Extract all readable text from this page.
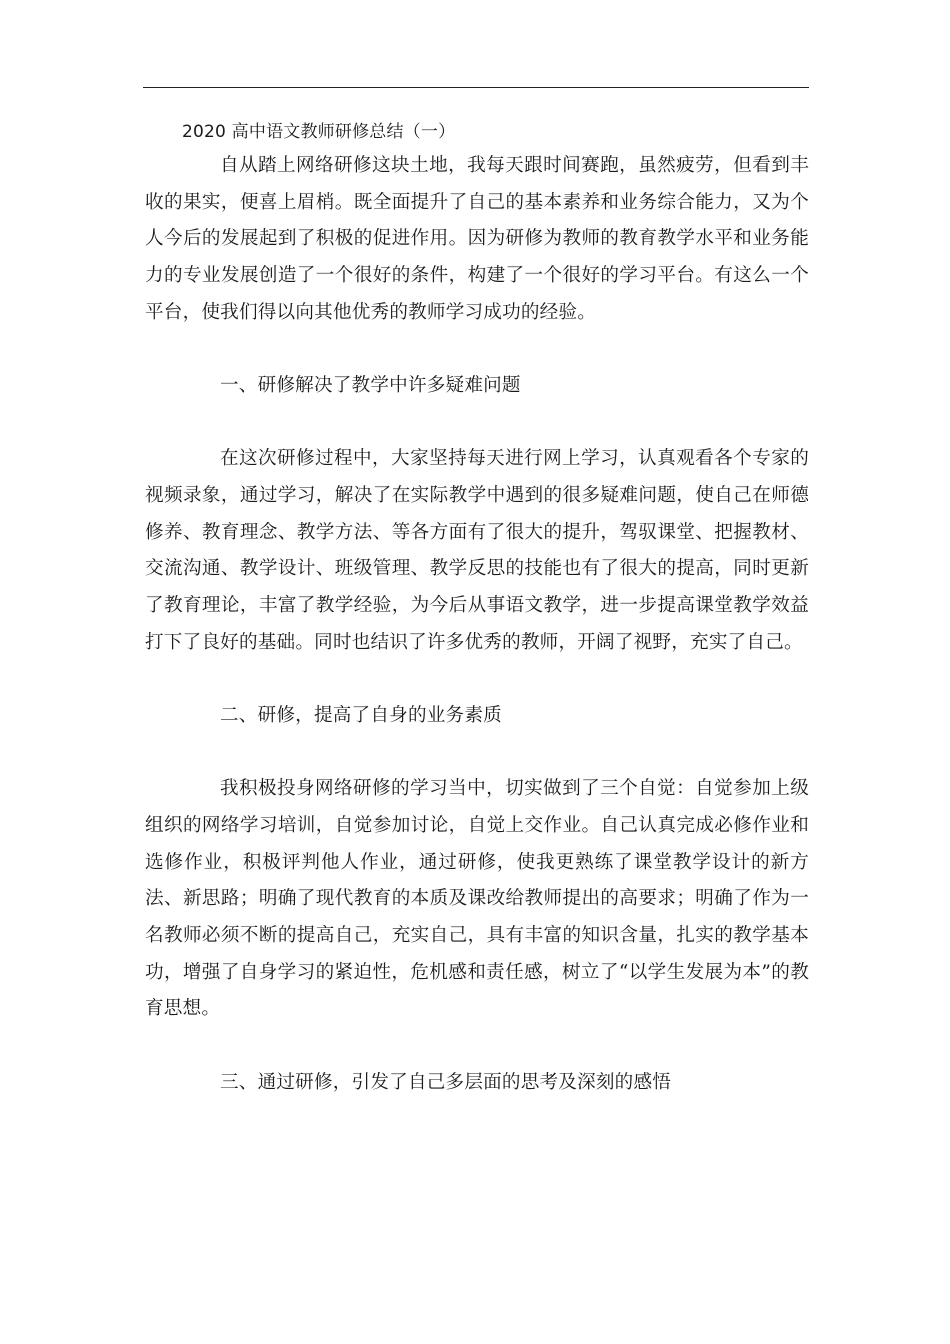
2020 高中语文教师研修总结（一）

自从踏上网络研修这块土地，我每天跟时间赛跑，虽然疲劳，但看到丰收的果实，便喜上眉梢。既全面提升了自己的基本素养和业务综合能力，又为个人今后的发展起到了积极的促进作用。因为研修为教师的教育教学水平和业务能力的专业发展创造了一个很好的条件，构建了一个很好的学习平台。有这么一个平台，使我们得以向其他优秀的教师学习成功的经验。

一、研修解决了教学中许多疑难问题

在这次研修过程中，大家坚持每天进行网上学习，认真观看各个专家的视频录象，通过学习，解决了在实际教学中遇到的很多疑难问题，使自己在师德修养、教育理念、教学方法、等各方面有了很大的提升，驾驭课堂、把握教材、交流沟通、教学设计、班级管理、教学反思的技能也有了很大的提高，同时更新了教育理论，丰富了教学经验，为今后从事语文教学，进一步提高课堂教学效益打下了良好的基础。同时也结识了许多优秀的教师，开阔了视野，充实了自己。

二、研修，提高了自身的业务素质

我积极投身网络研修的学习当中，切实做到了三个自觉：自觉参加上级组织的网络学习培训，自觉参加讨论，自觉上交作业。自己认真完成必修作业和选修作业，积极评判他人作业，通过研修，使我更熟练了课堂教学设计的新方法、新思路；明确了现代教育的本质及课改给教师提出的高要求；明确了作为一名教师必须不断的提高自己，充实自己，具有丰富的知识含量，扎实的教学基本功，增强了自身学习的紧迫性，危机感和责任感，树立了“以学生发展为本”的教育思想。

三、通过研修，引发了自己多层面的思考及深刻的感悟
